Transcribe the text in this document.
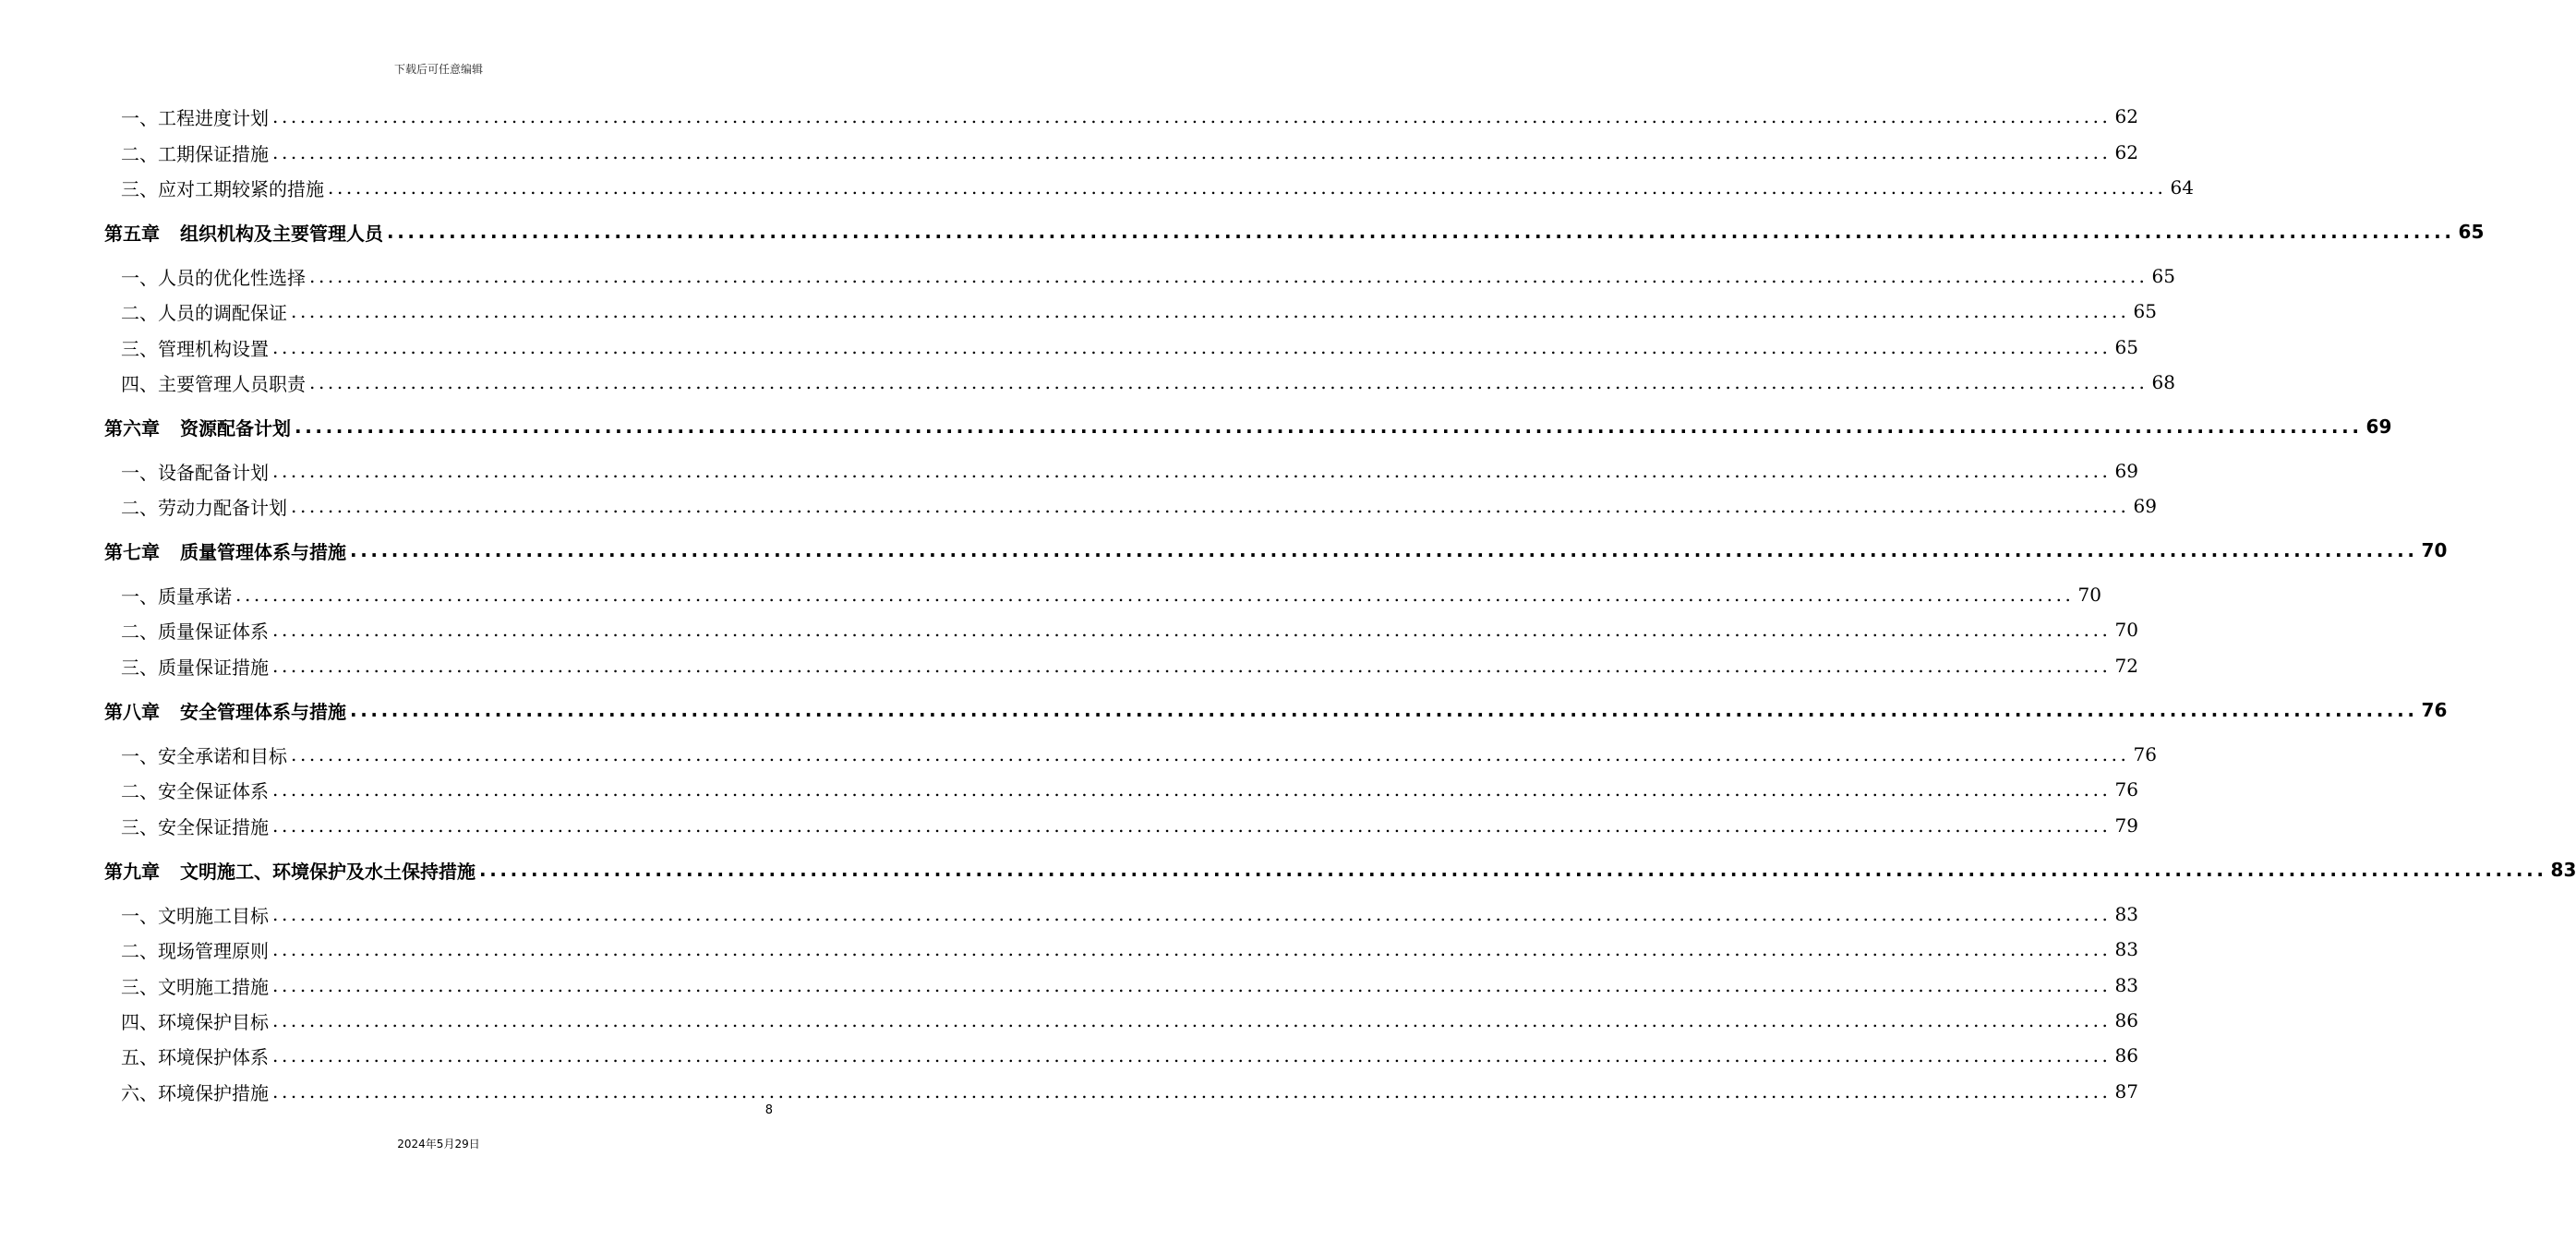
下载后可任意编辑
一、工程进度计划 ........................................................................................................................................................................................................ 62
二、工期保证措施 ........................................................................................................................................................................................................ 62
三、应对工期较紧的措施 ........................................................................................................................................................................................................ 64
第五章 组织机构及主要管理人员 ........................................................................................................................................................................................................ 65
一、人员的优化性选择 ........................................................................................................................................................................................................ 65
二、人员的调配保证 ........................................................................................................................................................................................................ 65
三、管理机构设置 ........................................................................................................................................................................................................ 65
四、主要管理人员职责 ........................................................................................................................................................................................................ 68
第六章 资源配备计划 ........................................................................................................................................................................................................ 69
一、设备配备计划 ........................................................................................................................................................................................................ 69
二、劳动力配备计划 ........................................................................................................................................................................................................ 69
第七章 质量管理体系与措施 ........................................................................................................................................................................................................ 70
一、质量承诺 ........................................................................................................................................................................................................ 70
二、质量保证体系 ........................................................................................................................................................................................................ 70
三、质量保证措施 ........................................................................................................................................................................................................ 72
第八章 安全管理体系与措施 ........................................................................................................................................................................................................ 76
一、安全承诺和目标 ........................................................................................................................................................................................................ 76
二、安全保证体系 ........................................................................................................................................................................................................ 76
三、安全保证措施 ........................................................................................................................................................................................................ 79
第九章 文明施工、环境保护及水土保持措施 ........................................................................................................................................................................................................ 83
一、文明施工目标 ........................................................................................................................................................................................................ 83
二、现场管理原则 ........................................................................................................................................................................................................ 83
三、文明施工措施 ........................................................................................................................................................................................................ 83
四、环境保护目标 ........................................................................................................................................................................................................ 86
五、环境保护体系 ........................................................................................................................................................................................................ 86
六、环境保护措施 ........................................................................................................................................................................................................ 87
8
2024年5月29日
